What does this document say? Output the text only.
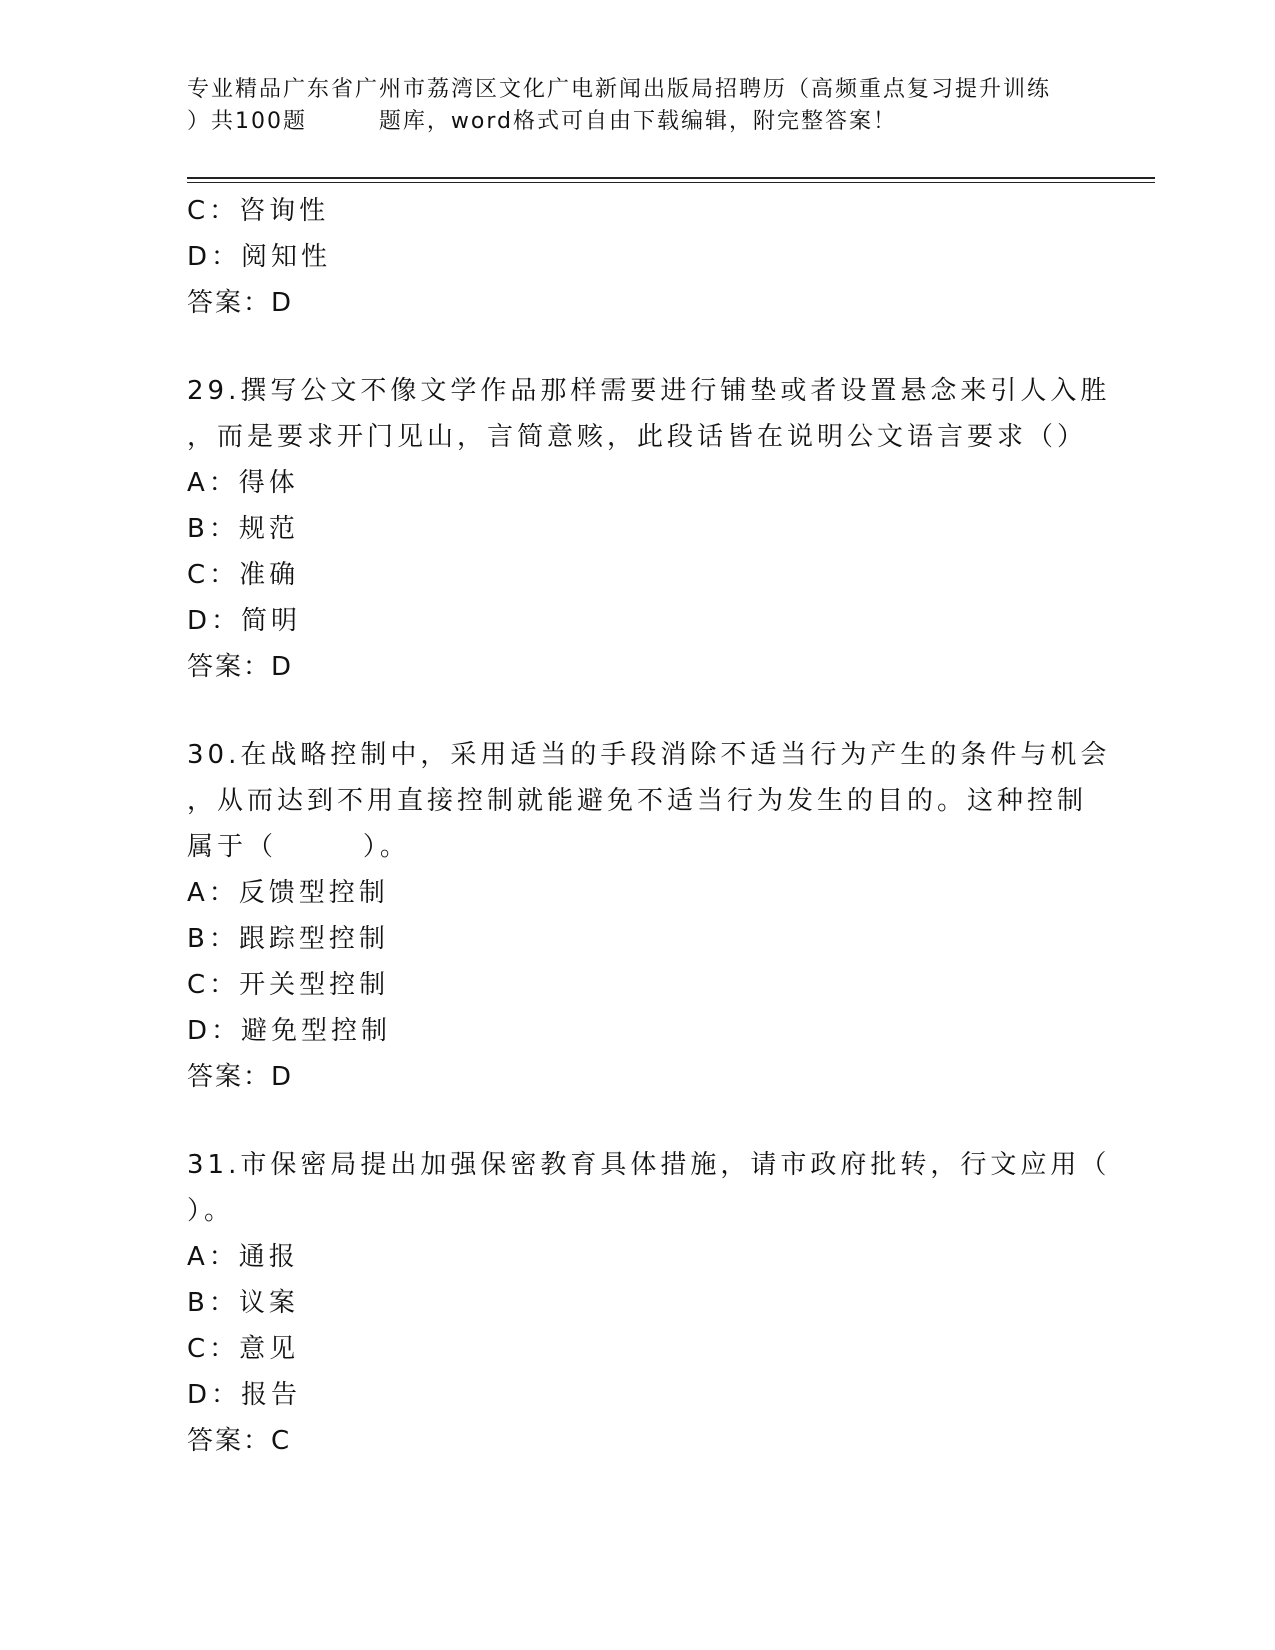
专业精品广东省广州市荔湾区文化广电新闻出版局招聘历（高频重点复习提升训练
）共100题        题库，word格式可自由下载编辑，附完整答案！
C：咨询性
D：阅知性
答案：D
29.撰写公文不像文学作品那样需要进行铺垫或者设置悬念来引人入胜
，而是要求开门见山，言简意赅，此段话皆在说明公文语言要求（）
A：得体
B：规范
C：准确
D：简明
答案：D
30.在战略控制中，采用适当的手段消除不适当行为产生的条件与机会
，从而达到不用直接控制就能避免不适当行为发生的目的。这种控制
属于（       ）。
A：反馈型控制
B：跟踪型控制
C：开关型控制
D：避免型控制
答案：D
31.市保密局提出加强保密教育具体措施，请市政府批转，行文应用（
）。
A：通报
B：议案
C：意见
D：报告
答案：C
